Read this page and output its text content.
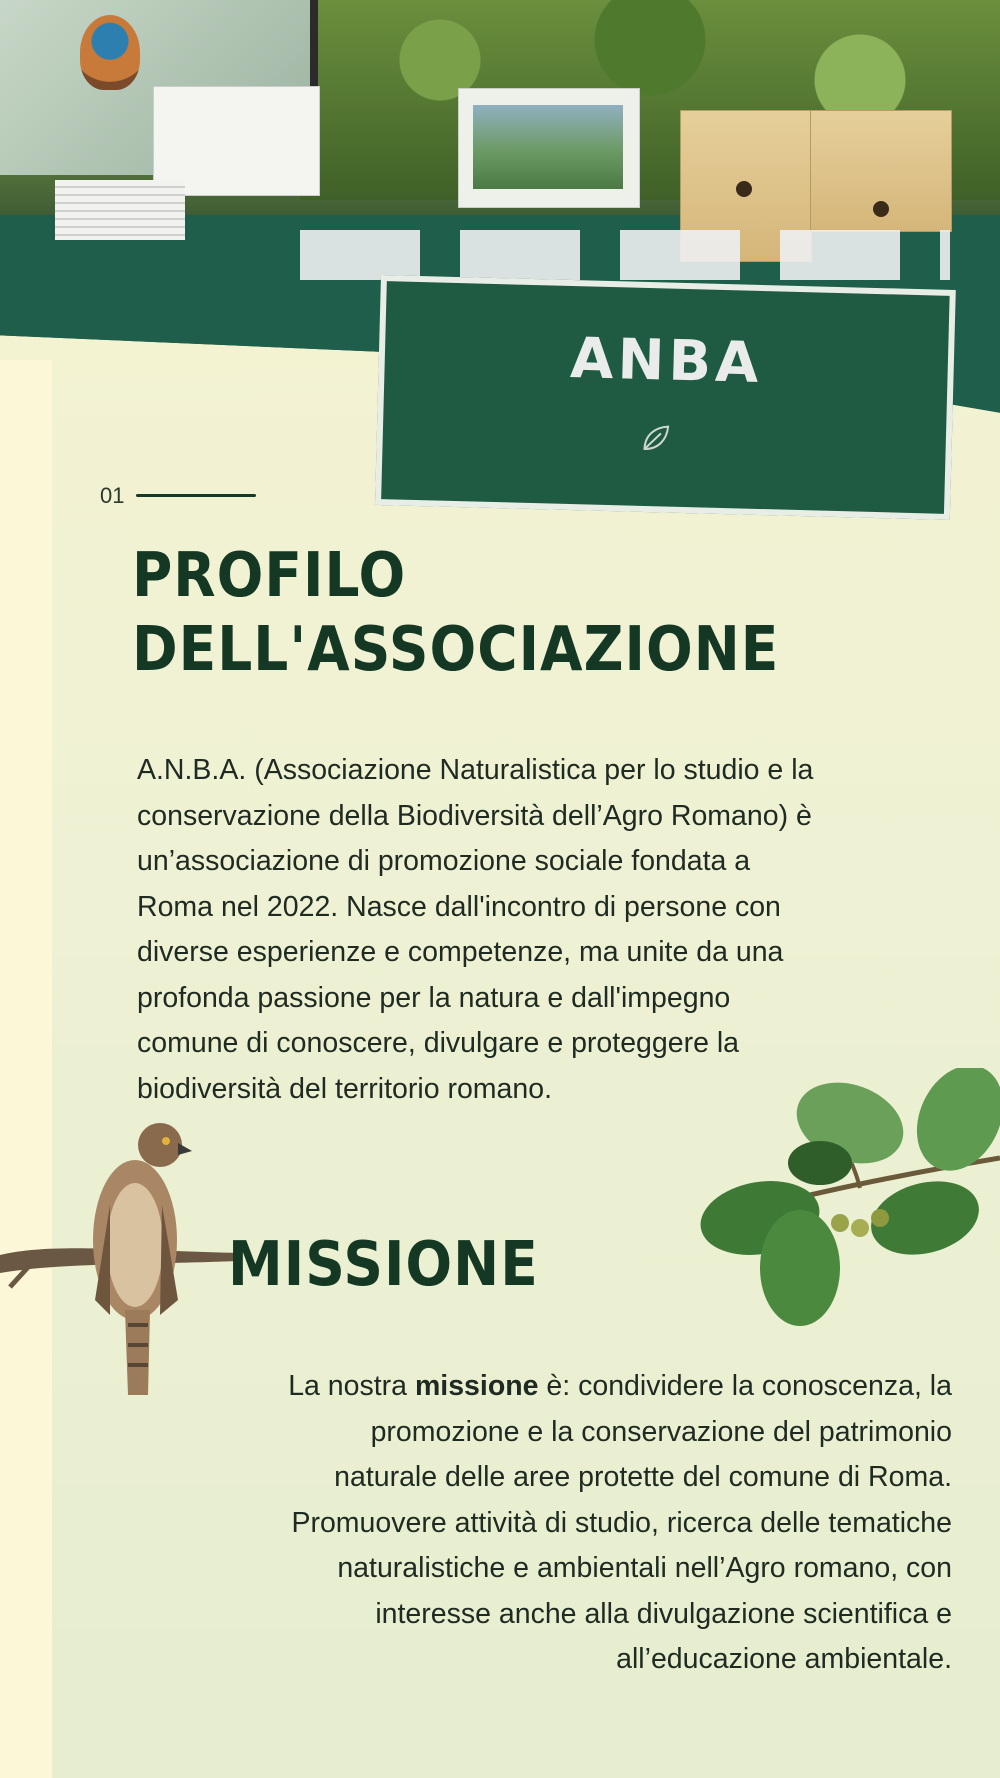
ANBA
01
PROFILO
DELL'ASSOCIAZIONE

A.N.B.A. (Associazione Naturalistica per lo studio e la
conservazione della Biodiversità dell’Agro Romano) è
un’associazione di promozione sociale fondata a
Roma nel 2022. Nasce dall'incontro di persone con
diverse esperienze e competenze, ma unite da una
profonda passione per la natura e dall'impegno
comune di conoscere, divulgare e proteggere la
biodiversità del territorio romano.

MISSIONE

La nostra missione è: condividere la conoscenza, la
promozione e la conservazione del patrimonio
naturale delle aree protette del comune di Roma.
Promuovere attività di studio, ricerca delle tematiche
naturalistiche e ambientali nell’Agro romano, con
interesse anche alla divulgazione scientifica e
all’educazione ambientale.
